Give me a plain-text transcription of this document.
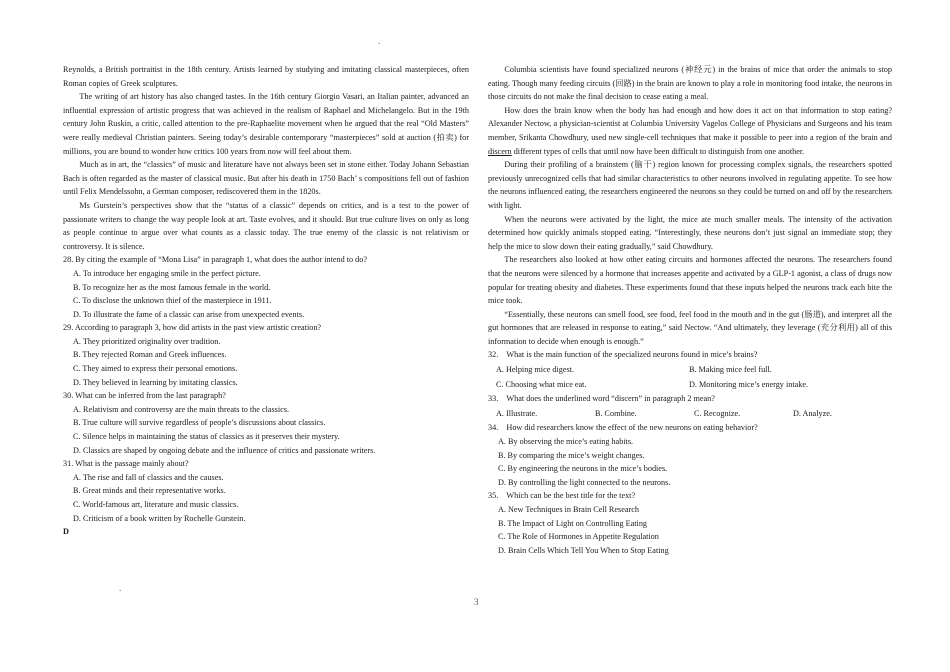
.

Reynolds, a British portraitist in the 18th century. Artists learned by studying and imitating classical masterpieces, often Roman copies of Greek sculptures.

The writing of art history has also changed tastes. In the 16th century Giorgio Vasari, an Italian painter, advanced an influential expression of artistic progress that was achieved in the realism of Raphael and Michelangelo. But in the 19th century John Ruskin, a critic, called attention to the pre-Raphaelite movement when he argued that the real “Old Masters” were really medieval Christian painters. Seeing today’s desirable contemporary “masterpieces” sold at auction (拍卖) for millions, you are bound to wonder how critics 100 years from now will feel about them.

Much as in art, the “classics” of music and literature have not always been set in stone either. Today Johann Sebastian Bach is often regarded as the master of classical music. But after his death in 1750 Bach’ s compositions fell out of fashion until Felix Mendelssohn, a German composer, rediscovered them in the 1820s.

Ms Gurstein’s perspectives show that the “status of a classic” depends on critics, and is a test to the power of passionate writers to change the way people look at art. Taste evolves, and it should. But true culture lives on only as long as people continue to argue over what counts as a classic today. The true enemy of the classic is not relativism or controversy. It is silence.

28. By citing the example of “Mona Lisa” in paragraph 1, what does the author intend to do?

A. To introduce her engaging smile in the perfect picture.

B. To recognize her as the most famous female in the world.

C. To disclose the unknown thief of the masterpiece in 1911.

D. To illustrate the fame of a classic can arise from unexpected events.

29. According to paragraph 3, how did artists in the past view artistic creation?

A. They prioritized originality over tradition.

B. They rejected Roman and Greek influences.

C. They aimed to express their personal emotions.

D. They believed in learning by imitating classics.

30. What can be inferred from the last paragraph?

A. Relativism and controversy are the main threats to the classics.

B. True culture will survive regardless of people’s discussions about classics.

C. Silence helps in maintaining the status of classics as it preserves their mystery.

D. Classics are shaped by ongoing debate and the influence of critics and passionate writers.

31. What is the passage mainly about?

A. The rise and fall of classics and the causes.

B. Great minds and their representative works.

C. World-famous art, literature and music classics.

D. Criticism of a book written by Rochelle Gurstein.

D

.

Columbia scientists have found specialized neurons (神经元) in the brains of mice that order the animals to stop eating. Though many feeding circuits (回路) in the brain are known to play a role in monitoring food intake, the neurons in those circuits do not make the final decision to cease eating a meal.

How does the brain know when the body has had enough and how does it act on that information to stop eating? Alexander Nectow, a physician-scientist at Columbia University Vagelos College of Physicians and Surgeons and his team member, Srikanta Chowdhury, used new single-cell techniques that make it possible to peer into a region of the brain and discern different types of cells that until now have been difficult to distinguish from one another.

During their profiling of a brainstem (脑干) region known for processing complex signals, the researchers spotted previously unrecognized cells that had similar characteristics to other neurons involved in regulating appetite. To see how the neurons influenced eating, the researchers engineered the neurons so they could be turned on and off by the researchers with light.

When the neurons were activated by the light, the mice ate much smaller meals. The intensity of the activation determined how quickly animals stopped eating. “Interestingly, these neurons don’t just signal an immediate stop; they help the mice to slow down their eating gradually,” said Chowdhury.

The researchers also looked at how other eating circuits and hormones affected the neurons. The researchers found that the neurons were silenced by a hormone that increases appetite and activated by a GLP-1 agonist, a class of drugs now popular for treating obesity and diabetes. These experiments found that these inputs helped the neurons track each bite the mice took.

“Essentially, these neurons can smell food, see food, feel food in the mouth and in the gut (肠道), and interpret all the gut hormones that are released in response to eating,” said Nectow. “And ultimately, they leverage (充分利用) all of this information to decide when enough is enough.”

32.　What is the main function of the specialized neurons found in mice’s brains?

A. Helping mice digest.	B. Making mice feel full.
C. Choosing what mice eat.	D. Monitoring mice’s energy intake.

33.　What does the underlined word “discern” in paragraph 2 mean?

A. Illustrate.	B. Combine.	C. Recognize.	D. Analyze.

34.　How did researchers know the effect of the new neurons on eating behavior?

A. By observing the mice’s eating habits.

B. By comparing the mice’s weight changes.

C. By engineering the neurons in the mice’s bodies.

D. By controlling the light connected to the neurons.

35.　Which can be the best title for the text?

A. New Techniques in Brain Cell Research

B. The Impact of Light on Controlling Eating

C. The Role of Hormones in Appetite Regulation

D. Brain Cells Which Tell You When to Stop Eating

3
